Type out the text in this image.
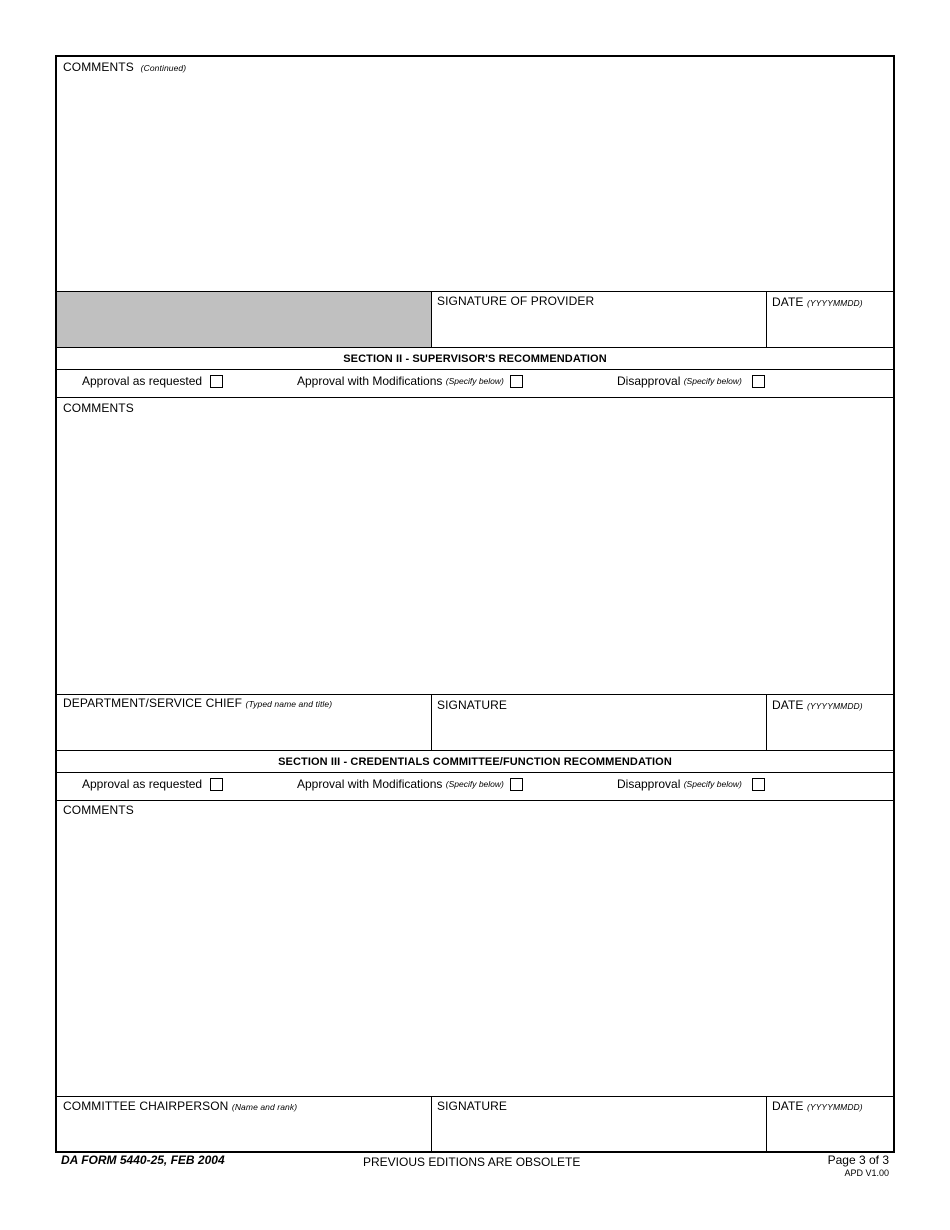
COMMENTS (Continued)
SIGNATURE OF PROVIDER	DATE (YYYYMMDD)
SECTION II - SUPERVISOR'S RECOMMENDATION
Approval as requested	Approval with Modifications
(Specify below)	Disapproval
(Specify below)
COMMENTS
DEPARTMENT/SERVICE CHIEF (Typed name and title)	SIGNATURE	DATE (YYYYMMDD)
SECTION III - CREDENTIALS COMMITTEE/FUNCTION RECOMMENDATION
Approval as requested	Approval with Modifications
(Specify below)	Disapproval
(Specify below)
COMMENTS
COMMITTEE CHAIRPERSON (Name and rank)	SIGNATURE	DATE (YYYYMMDD)
DA FORM 5440-25, FEB 2004	PREVIOUS EDITIONS ARE OBSOLETE	Page 3 of 3
APD V1.00
